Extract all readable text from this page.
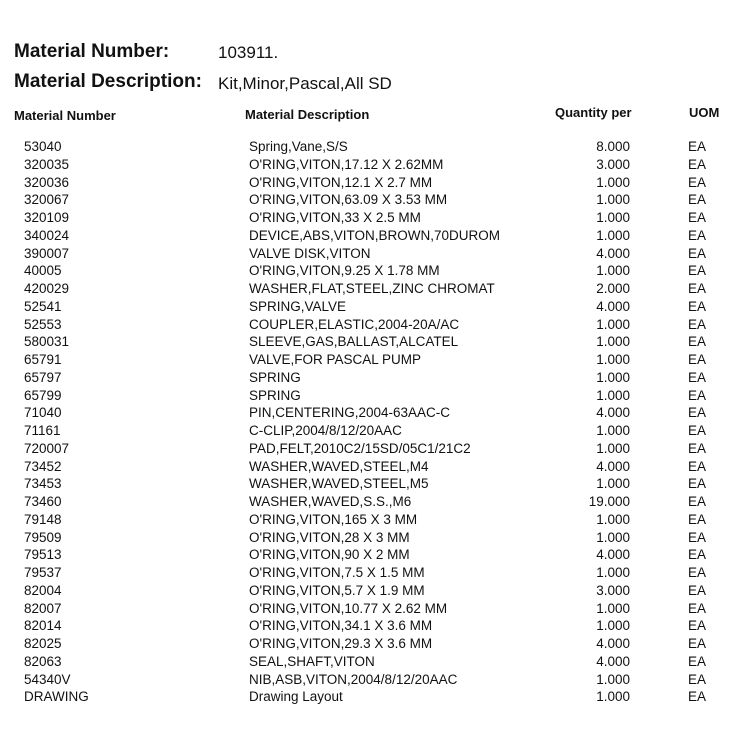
Material Number:	103911.
Material Description: Kit,Minor,Pascal,All SD
Material Number	Material Description	Quantity per	UOM
53040	Spring,Vane,S/S	8.000	EA
320035	O'RING,VITON,17.12 X 2.62MM	3.000	EA
320036	O'RING,VITON,12.1 X 2.7 MM	1.000	EA
320067	O'RING,VITON,63.09 X 3.53 MM	1.000	EA
320109	O'RING,VITON,33 X 2.5 MM	1.000	EA
340024	DEVICE,ABS,VITON,BROWN,70DUROM	1.000	EA
390007	VALVE DISK,VITON	4.000	EA
40005	O'RING,VITON,9.25 X 1.78 MM	1.000	EA
420029	WASHER,FLAT,STEEL,ZINC CHROMAT	2.000	EA
52541	SPRING,VALVE	4.000	EA
52553	COUPLER,ELASTIC,2004-20A/AC	1.000	EA
580031	SLEEVE,GAS,BALLAST,ALCATEL	1.000	EA
65791	VALVE,FOR PASCAL PUMP	1.000	EA
65797	SPRING	1.000	EA
65799	SPRING	1.000	EA
71040	PIN,CENTERING,2004-63AAC-C	4.000	EA
71161	C-CLIP,2004/8/12/20AAC	1.000	EA
720007	PAD,FELT,2010C2/15SD/05C1/21C2	1.000	EA
73452	WASHER,WAVED,STEEL,M4	4.000	EA
73453	WASHER,WAVED,STEEL,M5	1.000	EA
73460	WASHER,WAVED,S.S.,M6	19.000	EA
79148	O'RING,VITON,165 X 3 MM	1.000	EA
79509	O'RING,VITON,28 X 3 MM	1.000	EA
79513	O'RING,VITON,90 X 2 MM	4.000	EA
79537	O'RING,VITON,7.5 X 1.5 MM	1.000	EA
82004	O'RING,VITON,5.7 X 1.9 MM	3.000	EA
82007	O'RING,VITON,10.77 X 2.62 MM	1.000	EA
82014	O'RING,VITON,34.1 X 3.6 MM	1.000	EA
82025	O'RING,VITON,29.3 X 3.6 MM	4.000	EA
82063	SEAL,SHAFT,VITON	4.000	EA
54340V	NIB,ASB,VITON,2004/8/12/20AAC	1.000	EA
DRAWING	Drawing Layout	1.000	EA
